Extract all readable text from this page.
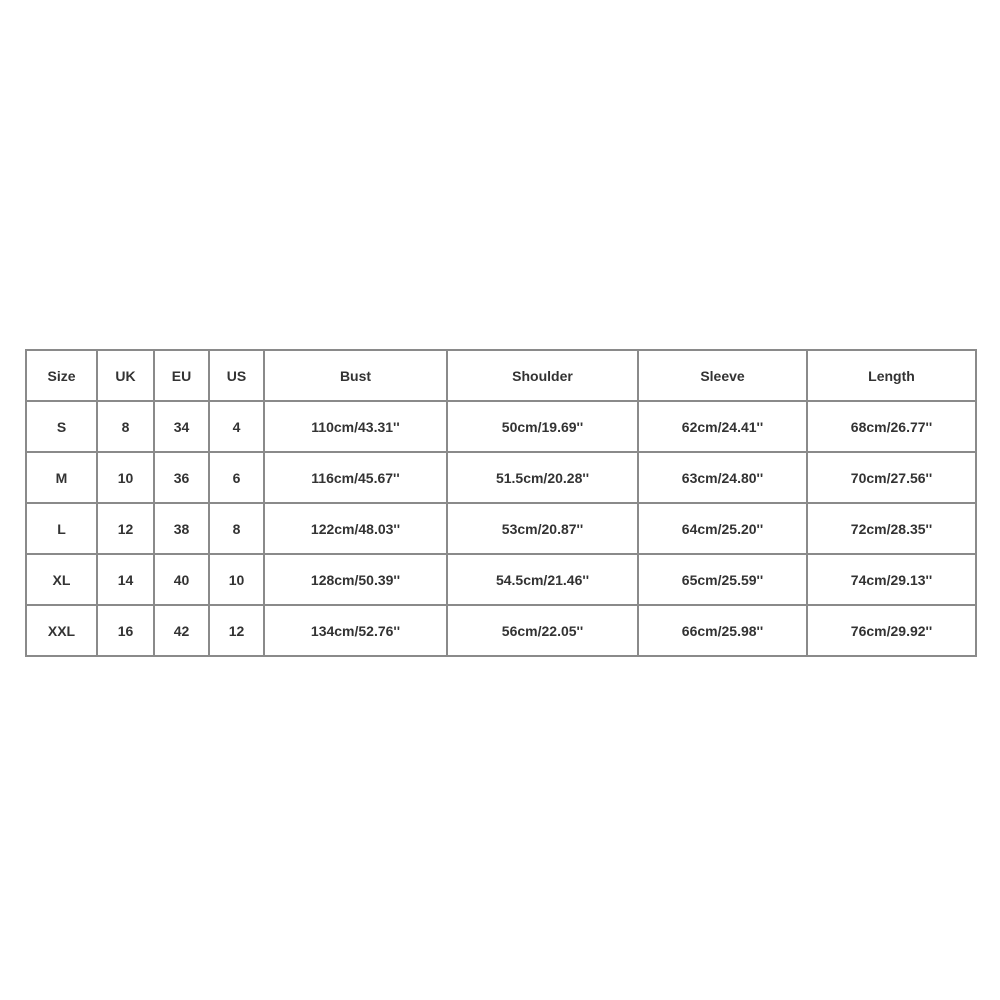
Size	UK	EU	US	Bust	Shoulder	Sleeve	Length
S	8	34	4	110cm/43.31''	50cm/19.69''	62cm/24.41''	68cm/26.77''
M	10	36	6	116cm/45.67''	51.5cm/20.28''	63cm/24.80''	70cm/27.56''
L	12	38	8	122cm/48.03''	53cm/20.87''	64cm/25.20''	72cm/28.35''
XL	14	40	10	128cm/50.39''	54.5cm/21.46''	65cm/25.59''	74cm/29.13''
XXL	16	42	12	134cm/52.76''	56cm/22.05''	66cm/25.98''	76cm/29.92''
